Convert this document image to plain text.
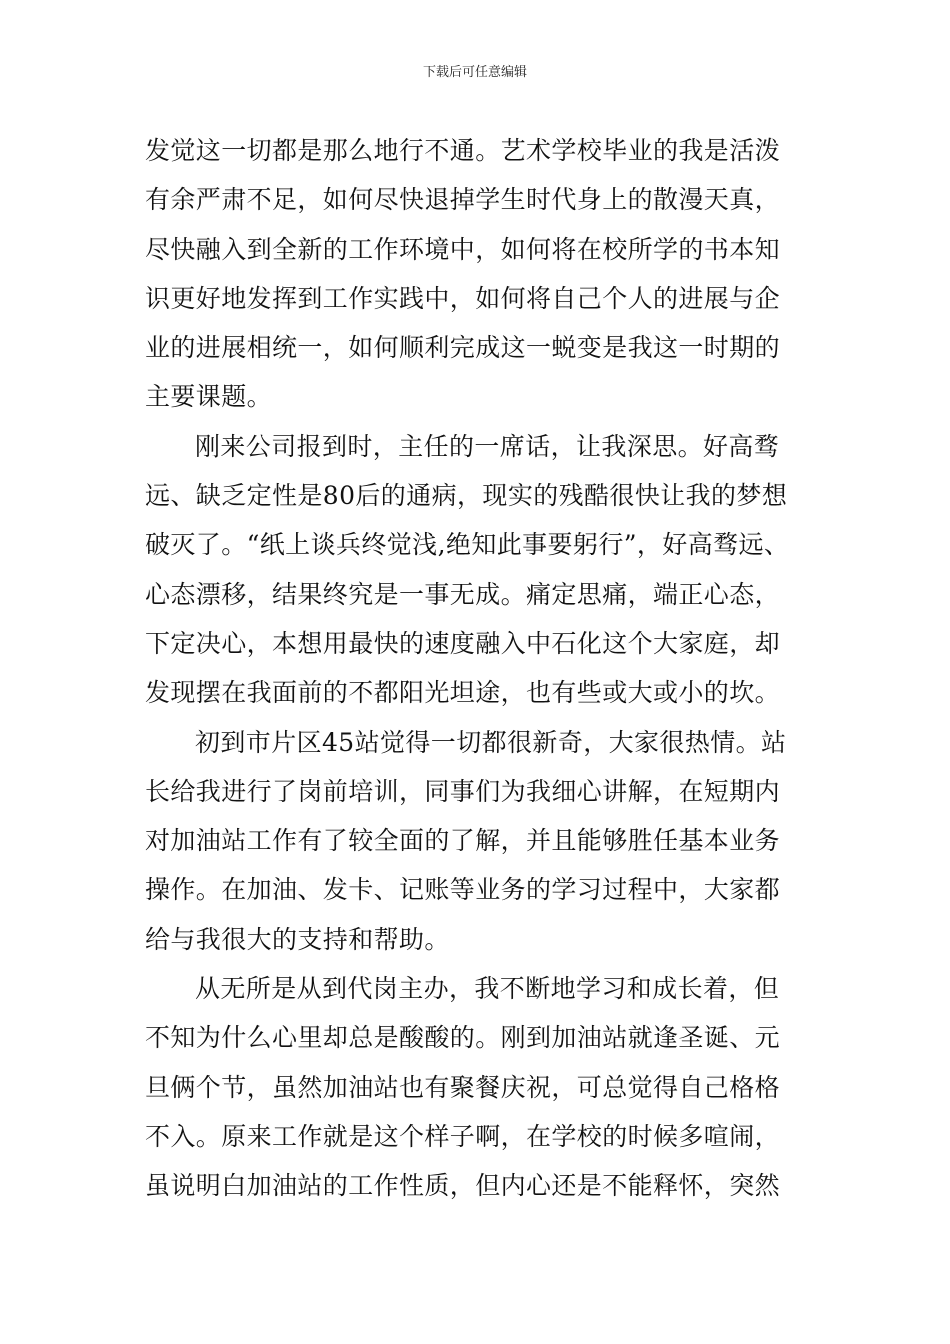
下载后可任意编辑
发觉这一切都是那么地行不通。艺术学校毕业的我是活泼
有余严肃不足，如何尽快退掉学生时代身上的散漫天真，
尽快融入到全新的工作环境中，如何将在校所学的书本知
识更好地发挥到工作实践中，如何将自己个人的进展与企
业的进展相统一，如何顺利完成这一蜕变是我这一时期的
主要课题。
刚来公司报到时，主任的一席话，让我深思。好高骛
远、缺乏定性是80后的通病，现实的残酷很快让我的梦想
破灭了。“纸上谈兵终觉浅,绝知此事要躬行”，好高骛远、
心态漂移，结果终究是一事无成。痛定思痛，端正心态，
下定决心，本想用最快的速度融入中石化这个大家庭，却
发现摆在我面前的不都阳光坦途，也有些或大或小的坎。
初到市片区45站觉得一切都很新奇，大家很热情。站
长给我进行了岗前培训，同事们为我细心讲解，在短期内
对加油站工作有了较全面的了解，并且能够胜任基本业务
操作。在加油、发卡、记账等业务的学习过程中，大家都
给与我很大的支持和帮助。
从无所是从到代岗主办，我不断地学习和成长着，但
不知为什么心里却总是酸酸的。刚到加油站就逢圣诞、元
旦俩个节，虽然加油站也有聚餐庆祝，可总觉得自己格格
不入。原来工作就是这个样子啊，在学校的时候多喧闹，
虽说明白加油站的工作性质，但内心还是不能释怀，突然
